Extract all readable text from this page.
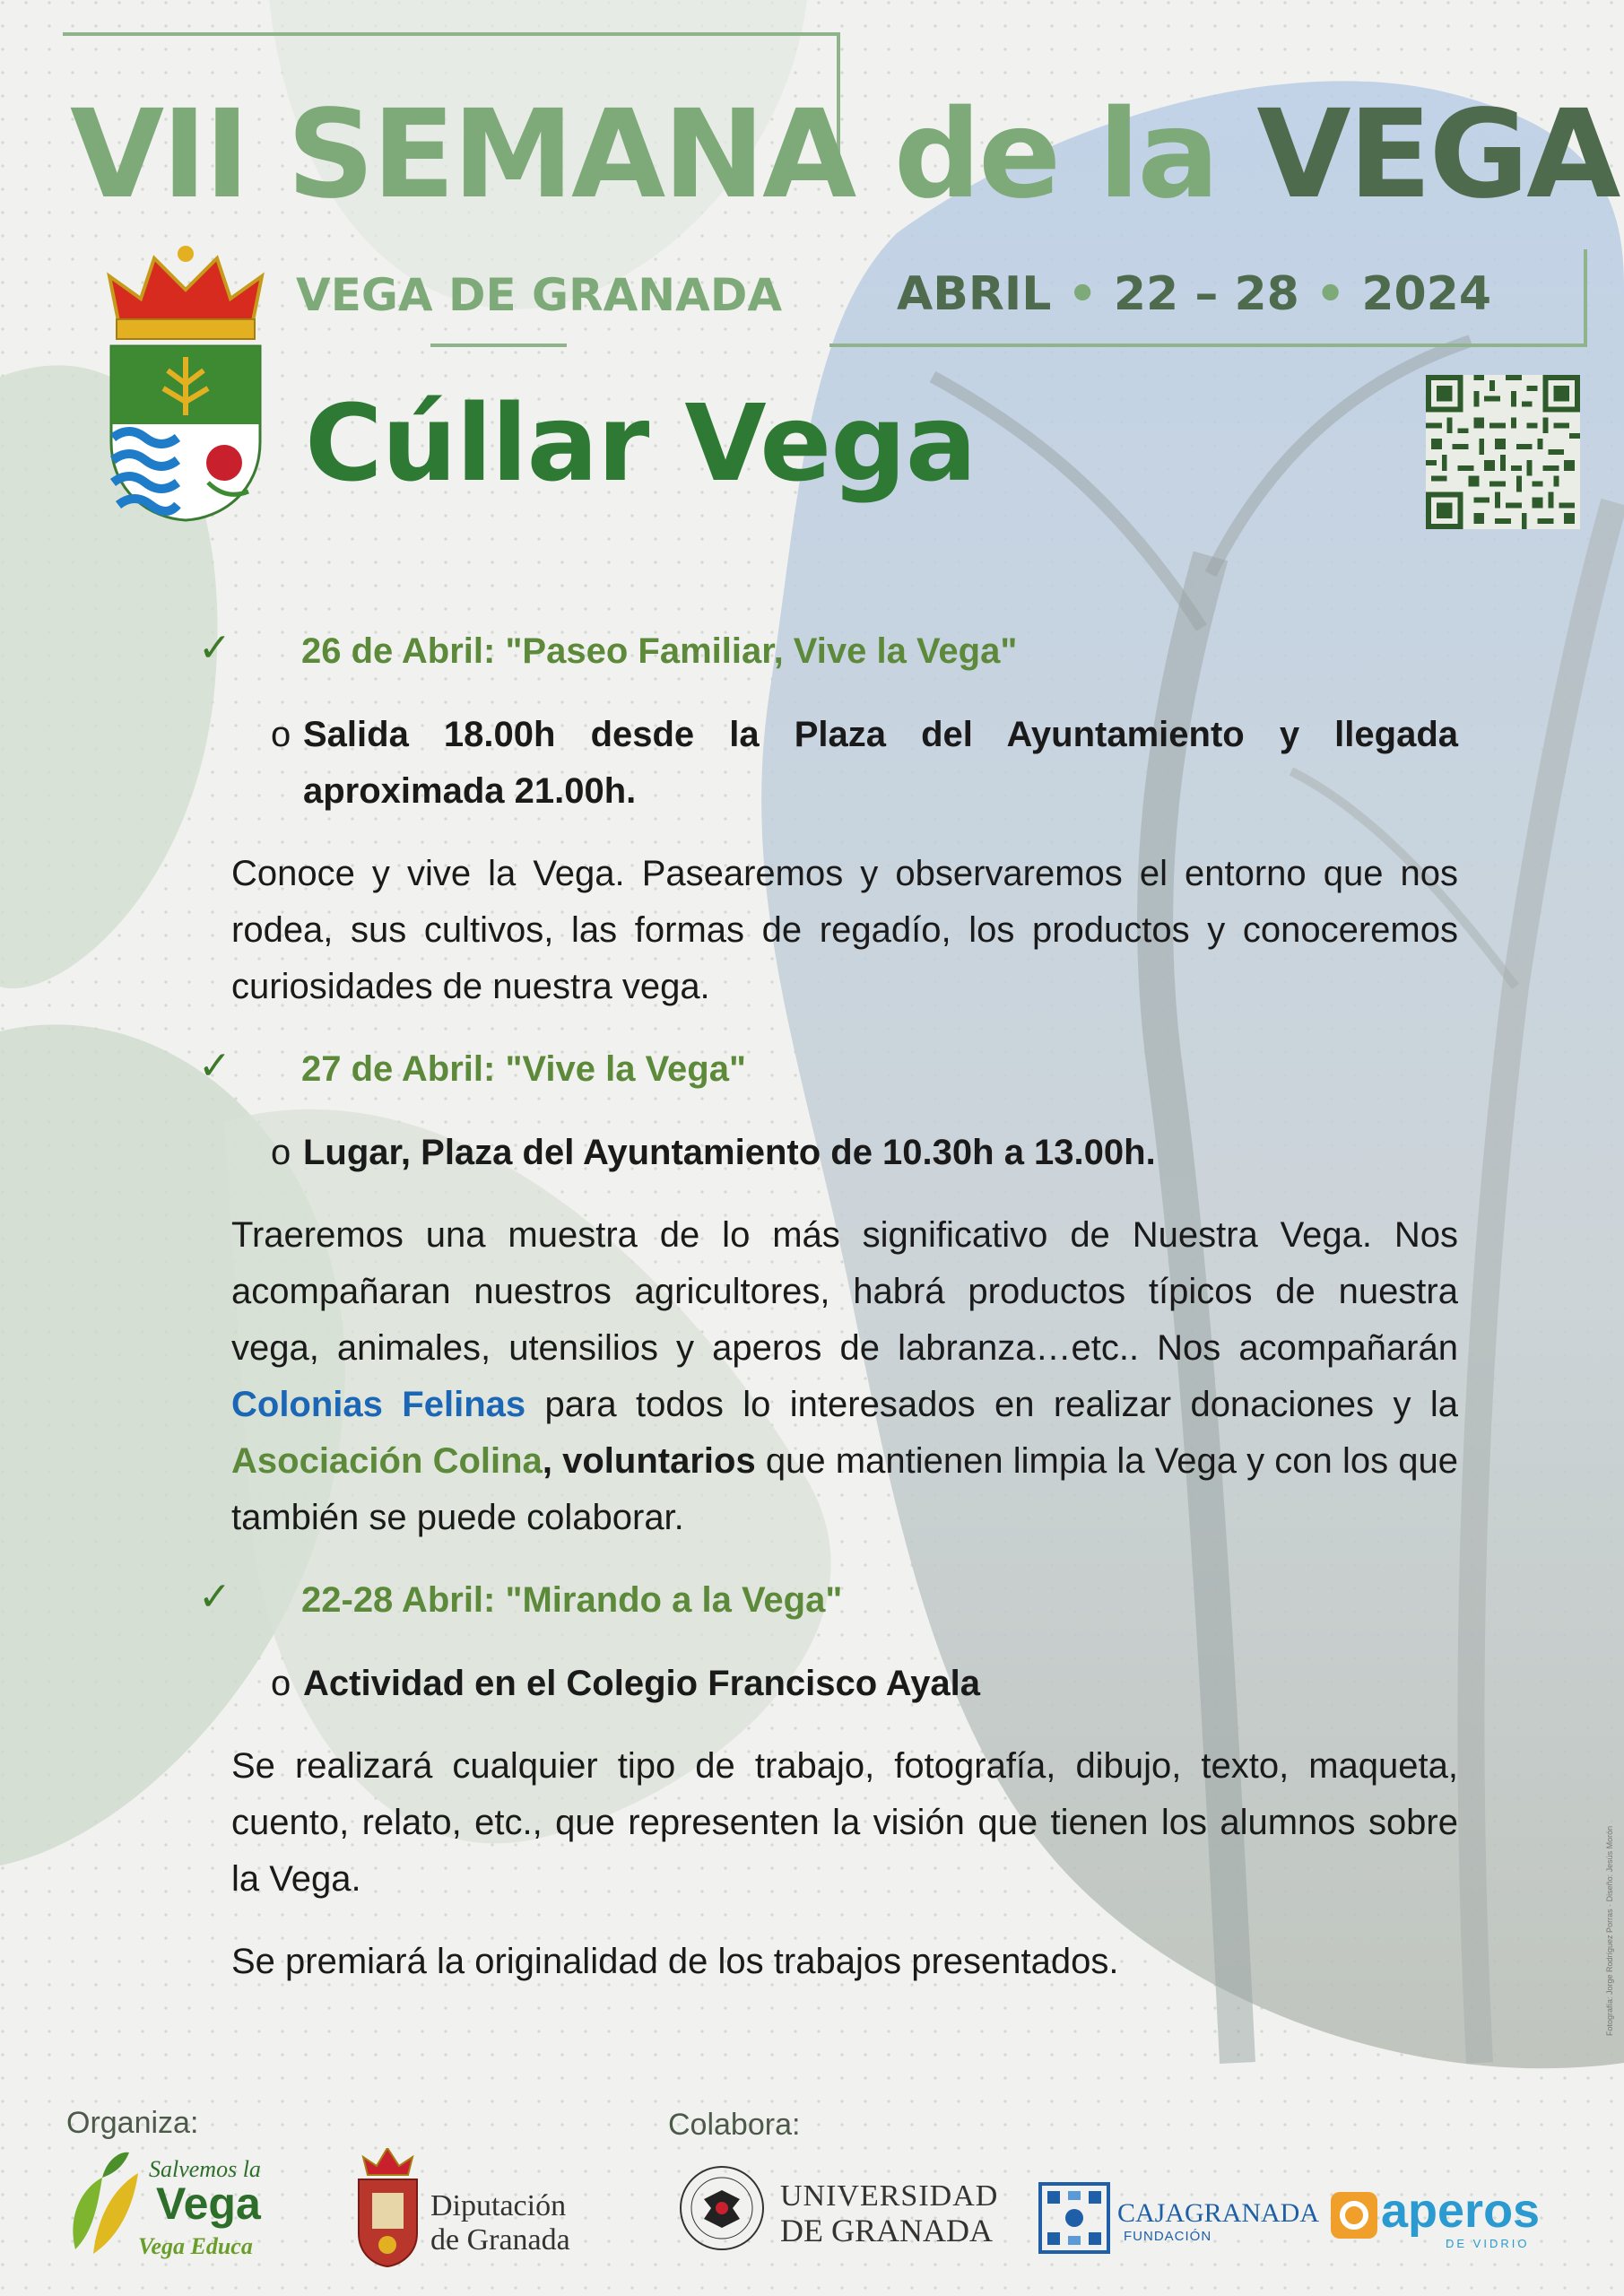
VII SEMANA de la VEGA
VEGA DE GRANADA ABRIL • 22 – 28 • 2024
Cúllar Vega
✓ 26 de Abril: "Paseo Familiar, Vive la Vega"
o Salida 18.00h desde la Plaza del Ayuntamiento y llegada aproximada 21.00h.
Conoce y vive la Vega. Pasearemos y observaremos el entorno que nos rodea, sus cultivos, las formas de regadío, los productos y conoceremos curiosidades de nuestra vega.
✓ 27 de Abril: "Vive la Vega"
o Lugar, Plaza del Ayuntamiento de 10.30h a 13.00h.
Traeremos una muestra de lo más significativo de Nuestra Vega. Nos acompañaran nuestros agricultores, habrá productos típicos de nuestra vega, animales, utensilios y aperos de labranza…etc.. Nos acompañarán Colonias Felinas para todos lo interesados en realizar donaciones y la Asociación Colina, voluntarios que mantienen limpia la Vega y con los que también se puede colaborar.
✓ 22-28 Abril: "Mirando a la Vega"
o Actividad en el Colegio Francisco Ayala
Se realizará cualquier tipo de trabajo, fotografía, dibujo, texto, maqueta, cuento, relato, etc., que representen la visión que tienen los alumnos sobre la Vega.
Se premiará la originalidad de los trabajos presentados.
Organiza:	Colabora:
Salvemos la
Vega
Vega Educa
Diputación
de Granada
UNIVERSIDAD
DE GRANADA	CAJAGRANADA
FUNDACIÓN	aperos
DE VIDRIO
Fotografía: Jorge Rodríguez Porras · Diseño: Jesús Morón
